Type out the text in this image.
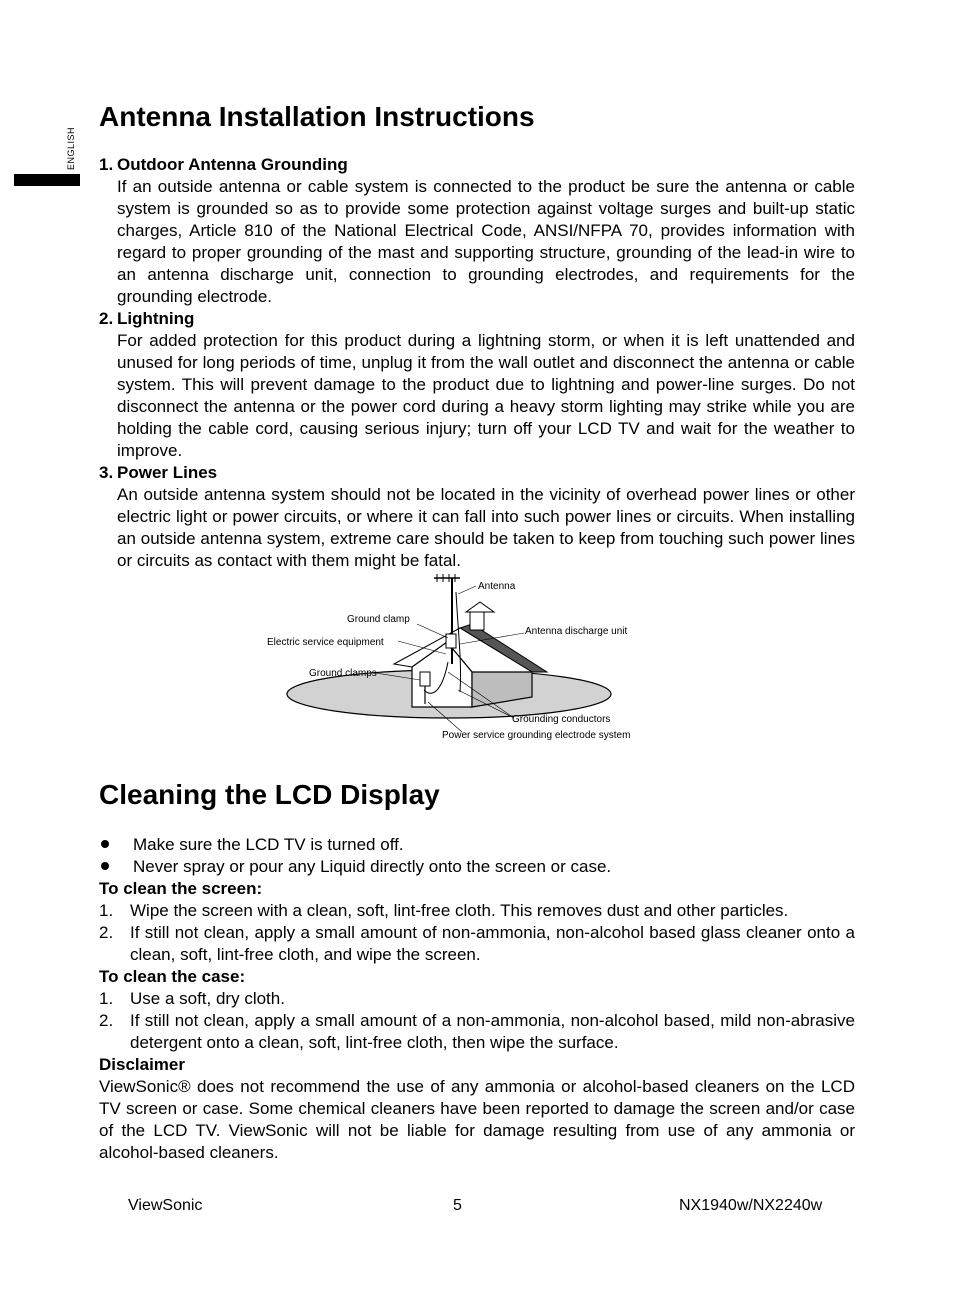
ENGLISH
Antenna Installation Instructions
1. Outdoor Antenna Grounding
If an outside antenna or cable system is connected to the product be sure the antenna or cable system is grounded so as to provide some protection against voltage surges and built-up static charges, Article 810 of the National Electrical Code, ANSI/NFPA 70, provides information with regard to proper grounding of the mast and supporting structure, grounding of the lead-in wire to an antenna discharge unit, connection to grounding electrodes, and requirements for the grounding electrode.
2. Lightning
For added protection for this product during a lightning storm, or when it is left unattended and unused for long periods of time, unplug it from the wall outlet and disconnect the antenna or cable system. This will prevent damage to the product due to lightning and power-line surges. Do not disconnect the antenna or the power cord during a heavy storm lighting may strike while you are holding the cable cord, causing serious injury; turn off your LCD TV and wait for the weather to improve.
3. Power Lines
An outside antenna system should not be located in the vicinity of overhead power lines or other electric light or power circuits, or where it can fall into such power lines or circuits. When installing an outside antenna system, extreme care should be taken to keep from touching such power lines or circuits as contact with them might be fatal.
Antenna
Ground clamp
Electric service equipment
Antenna discharge unit
Ground clamps
Grounding conductors
Power service grounding electrode system
Cleaning the LCD Display
Make sure the LCD TV is turned off.
Never spray or pour any Liquid directly onto the screen or case.
To clean the screen:
1. Wipe the screen with a clean, soft, lint-free cloth. This removes dust and other particles.
2. If still not clean, apply a small amount of non-ammonia, non-alcohol based glass cleaner onto a clean, soft, lint-free cloth, and wipe the screen.
To clean the case:
1. Use a soft, dry cloth.
2. If still not clean, apply a small amount of a non-ammonia, non-alcohol based, mild non-abrasive detergent onto a clean, soft, lint-free cloth, then wipe the surface.
Disclaimer
ViewSonic® does not recommend the use of any ammonia or alcohol-based cleaners on the LCD TV screen or case. Some chemical cleaners have been reported to damage the screen and/or case of the LCD TV. ViewSonic will not be liable for damage resulting from use of any ammonia or alcohol-based cleaners.
ViewSonic	5	NX1940w/NX2240w
